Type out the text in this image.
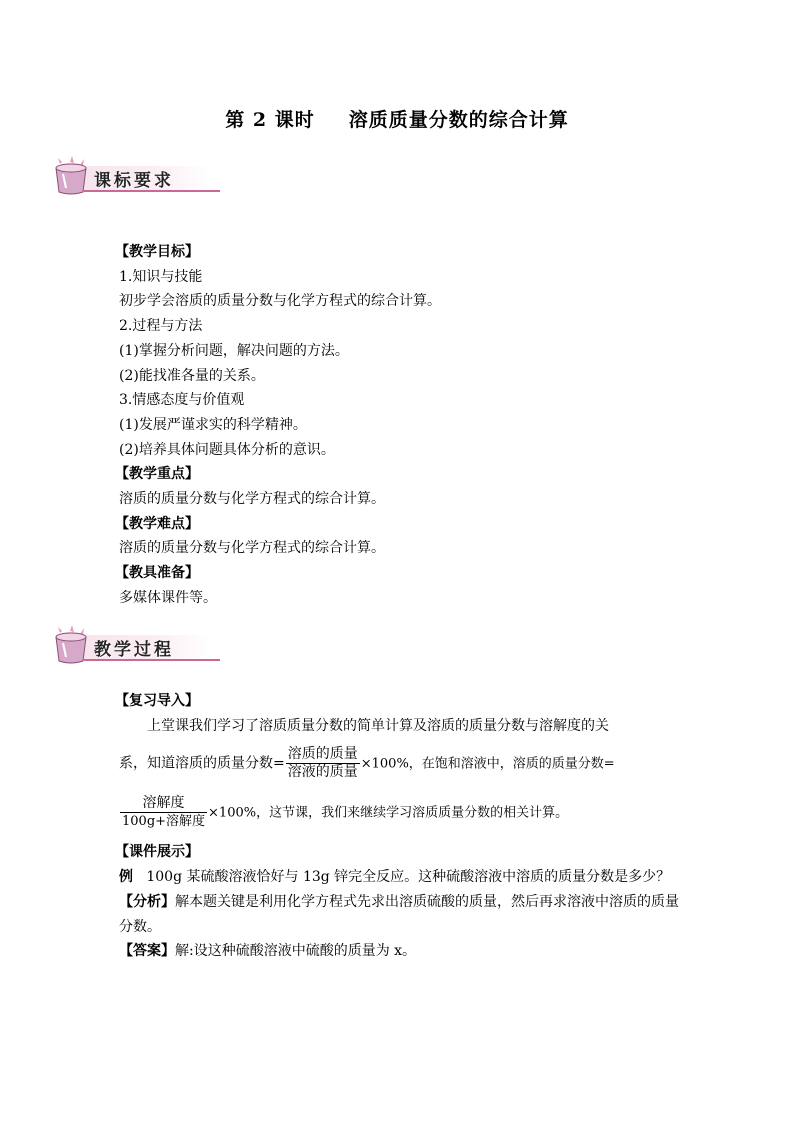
第 2 课时 溶质质量分数的综合计算
课标要求
【教学目标】
1.知识与技能
初步学会溶质的质量分数与化学方程式的综合计算。
2.过程与方法
(1)掌握分析问题，解决问题的方法。
(2)能找准各量的关系。
3.情感态度与价值观
(1)发展严谨求实的科学精神。
(2)培养具体问题具体分析的意识。
【教学重点】
溶质的质量分数与化学方程式的综合计算。
【教学难点】
溶质的质量分数与化学方程式的综合计算。
【教具准备】
多媒体课件等。
教学过程
【复习导入】
上堂课我们学习了溶质质量分数的简单计算及溶质的质量分数与溶解度的关
系，知道溶质的质量分数= $\frac{\text{溶质的质量}}{\text{溶液的质量}} \times 100\%$，在饱和溶液中，溶质的质量分数=
$\frac{\text{溶解度}}{\text{100g+溶解度}} \times 100\%$，这节课，我们来继续学习溶质质量分数的相关计算。
【课件展示】
例 100g 某硫酸溶液恰好与 13g 锌完全反应。这种硫酸溶液中溶质的质量分数是多少？
【分析】解本题关键是利用化学方程式先求出溶质硫酸的质量，然后再求溶液中溶质的质量分数。
【答案】解:设这种硫酸溶液中硫酸的质量为 x。
